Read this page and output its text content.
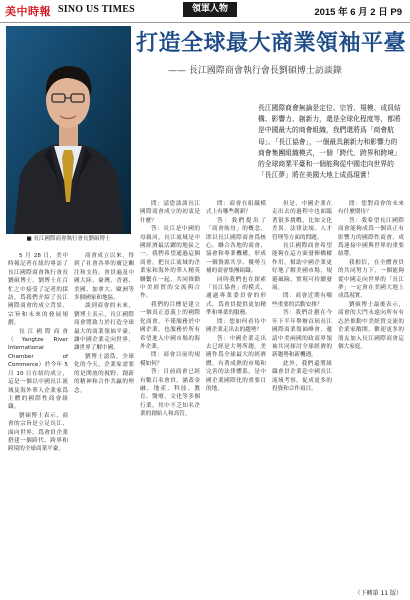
美中時報 SINO US TIMES	領軍人物	2015 年 6 月 2 日 P9
■ 長江國際商會執行會長劉碩博士
打造全球最大商業領袖平臺
—— 長江國際商會執行會長劉碩博士訪談錄
長江國際商會無論是定位、宗旨、規模、成員結構、影響力、創新力，還是全球化程度等，都將是中國最大的商會組織，我們還將爲「商會航母」、「長江協會」，一個最具創新力和影響力的商會集團組織模式，一個「跨代、跨界和跨境」的全球商業平臺和一個能夠從中國走向世界的「長江夢」將在美國大地上成爲現實！

5 月 28 日，美中時報記者在紐約專訪了長江國際商會執行會長劉碩博士。劉博士在百忙之中接受了記者的採訪，爲我們介紹了長江國際商會的成立背景、宗旨和未來的發展規劃。

長江國際商會（Yangtze River International Chamber of Commerce）於今年 5 月 10 日在紐約成立，這是一個以中國長江流域及海外華人企業家爲主體的國際性商會組織。

劉碩博士表示，商會的宗旨是立足長江、面向世界，爲會員企業搭建一個跨代、跨界和跨境的全球商業平臺。

商會成立以來，得到了社會各界的廣泛關注和支持，會員遍及中國大陸、臺灣、香港、美國、加拿大、歐洲等多個國家和地區。

談到商會的未來，劉博士表示，長江國際商會將致力於打造全球最大的商業領袖平臺，讓中國企業走向世界，讓世界了解中國。

劉博士認爲，全球化的今天，企業家需要的是開放的視野、創新的精神和合作共贏的理念。

問：請您談談長江國際商會成立的初衷是什麼？

答：長江是中國的母親河，長江流域是中國經濟最活躍的地區之一。我們希望通過這個商會，把長江流域的企業家和海外的華人精英聯繫在一起，共同推動中美經貿的交流與合作。

我們的目標是建立一個真正意義上的國際化商會，不僅服務於中國企業，也服務於所有希望進入中國市場的海外企業。

問：商會目前的規模如何？

答：目前商會已經有數百名會員，涵蓋金融、地產、科技、教育、醫療、文化等多個行業，其中不乏知名企業的創始人和高管。

問：商會在組織模式上有哪些創新？

答：我們提出了「商會航母」的概念，即以長江國際商會爲核心，聯合各地的商會、協會和專業機構，形成一個資源共享、優勢互補的商會集團組織。

同時我們也在探索「長江協會」的模式，通過專業委員會的形式，爲會員提供更加精準和專業的服務。

問：您如何看待中國企業走出去的趨勢？

答：中國企業走出去已經是大勢所趨。美國作爲全球最大的經濟體，有著成熟的市場和完善的法律體系，是中國企業國際化的重要目的地。

但是，中國企業在走出去的過程中也面臨著很多挑戰，比如文化差異、法律法規、人才管理等方面的問題。

長江國際商會希望能夠在這方面發揮橋樑作用，幫助中國企業更好地了解美國市場，規避風險，實現可持續發展。

問：商會近期有哪些重要的活動安排？

答：我們計劃在今年下半年舉辦首屆長江國際商業領袖峰會，邀請中美兩國的政商界領袖共同探討全球經濟的新趨勢和新機遇。

此外，我們還將組織會員企業赴中國長江流域考察，促成更多的投資和合作項目。

問：您對商會的未來有什麼期待？

答：我希望長江國際商會能夠成爲一個真正有影響力的國際性商會，成爲連接中國與世界的重要紐帶。

我相信，在全體會員的共同努力下，一個能夠從中國走向世界的「長江夢」一定會在美國大地上成爲現實。

劉碩博士最後表示，商會的大門永遠向所有有志於推動中美經貿交流的企業家敞開，歡迎更多的朋友加入長江國際商會這個大家庭。

（下轉第 11 版）
